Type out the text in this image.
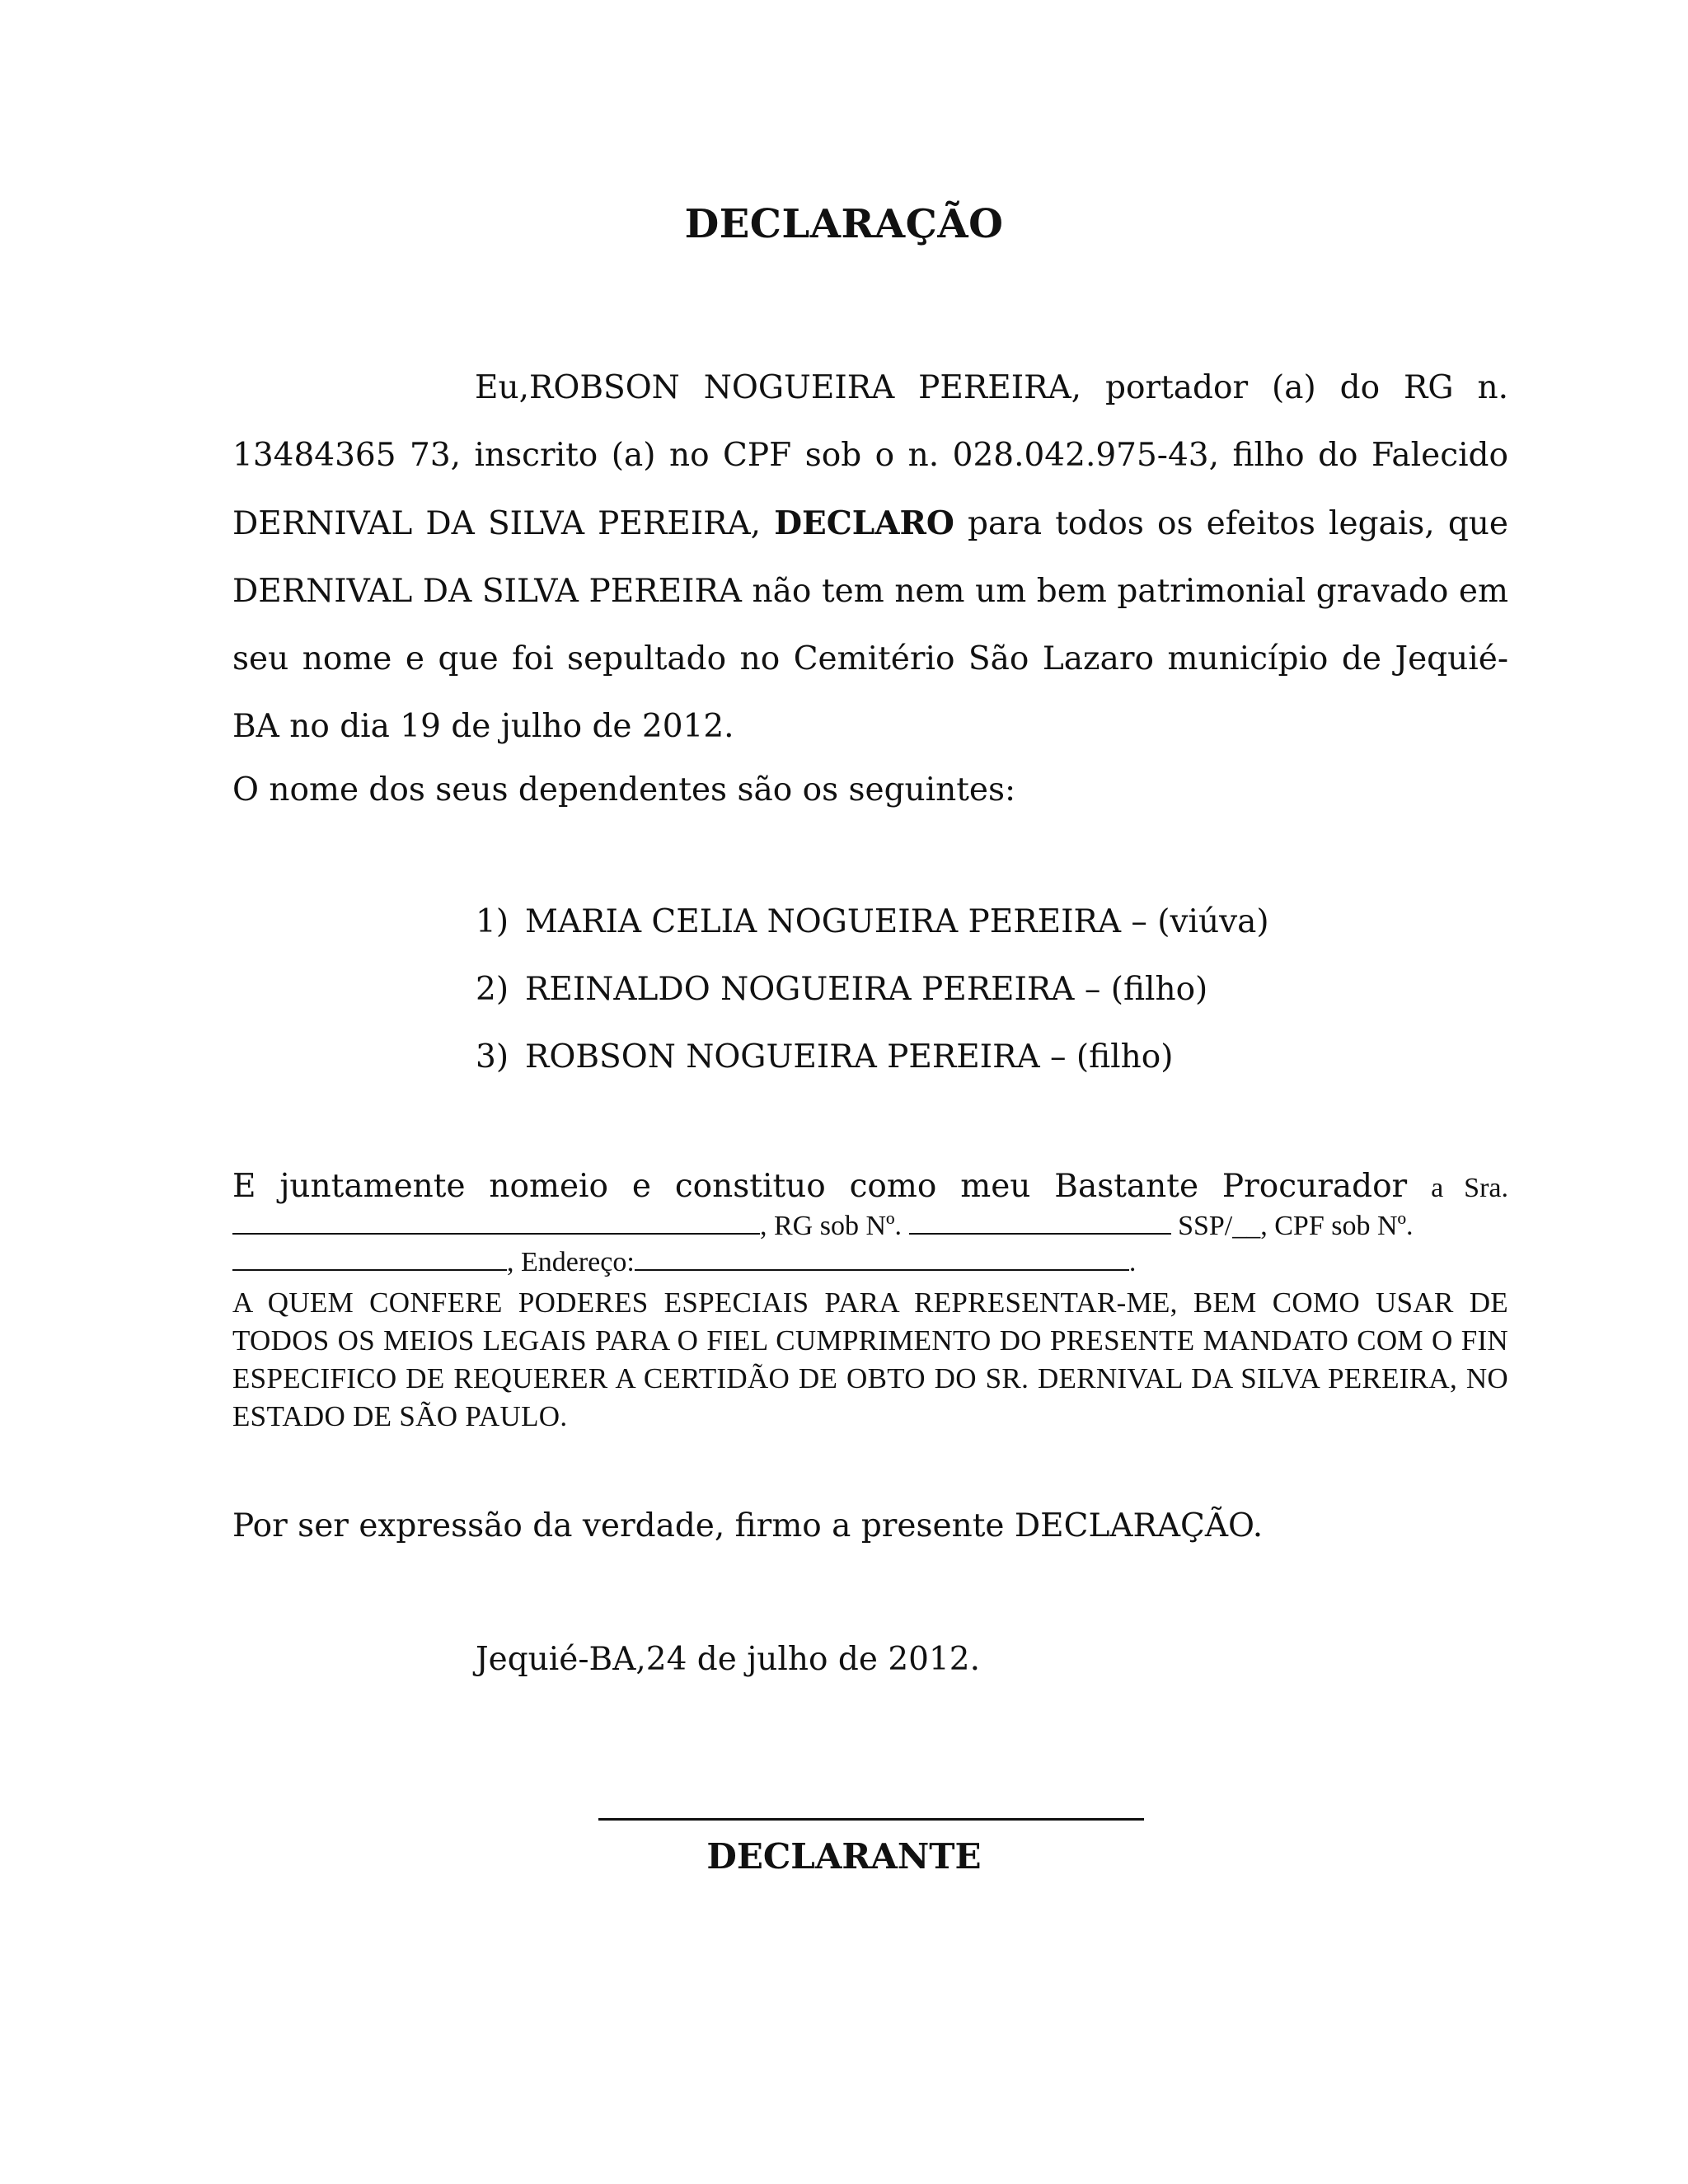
DECLARAÇÃO
Eu,ROBSON NOGUEIRA PEREIRA, portador (a) do RG n. 13484365 73, inscrito (a) no CPF sob o n. 028.042.975-43, filho do Falecido DERNIVAL DA SILVA PEREIRA, DECLARO para todos os efeitos legais, que DERNIVAL DA SILVA PEREIRA não tem nem um bem patrimonial gravado em seu nome e que foi sepultado no Cemitério São Lazaro município de Jequié-BA no dia 19 de julho de 2012.
O nome dos seus dependentes são os seguintes:
1) MARIA CELIA NOGUEIRA PEREIRA – (viúva)
2) REINALDO NOGUEIRA PEREIRA – (filho)
3) ROBSON NOGUEIRA PEREIRA – (filho)
E juntamente nomeio e constituo como meu Bastante Procurador a Sra.
, RG sob Nº.	SSP/__, CPF sob Nº.
, Endereço:	.
A QUEM CONFERE PODERES ESPECIAIS PARA REPRESENTAR-ME, BEM COMO USAR DE TODOS OS MEIOS LEGAIS PARA O FIEL CUMPRIMENTO DO PRESENTE MANDATO COM O FIN ESPECIFICO DE REQUERER A CERTIDÃO DE OBTO DO SR. DERNIVAL DA SILVA PEREIRA, NO ESTADO DE SÃO PAULO.
Por ser expressão da verdade, firmo a presente DECLARAÇÃO.
Jequié-BA,24 de julho de 2012.
DECLARANTE
